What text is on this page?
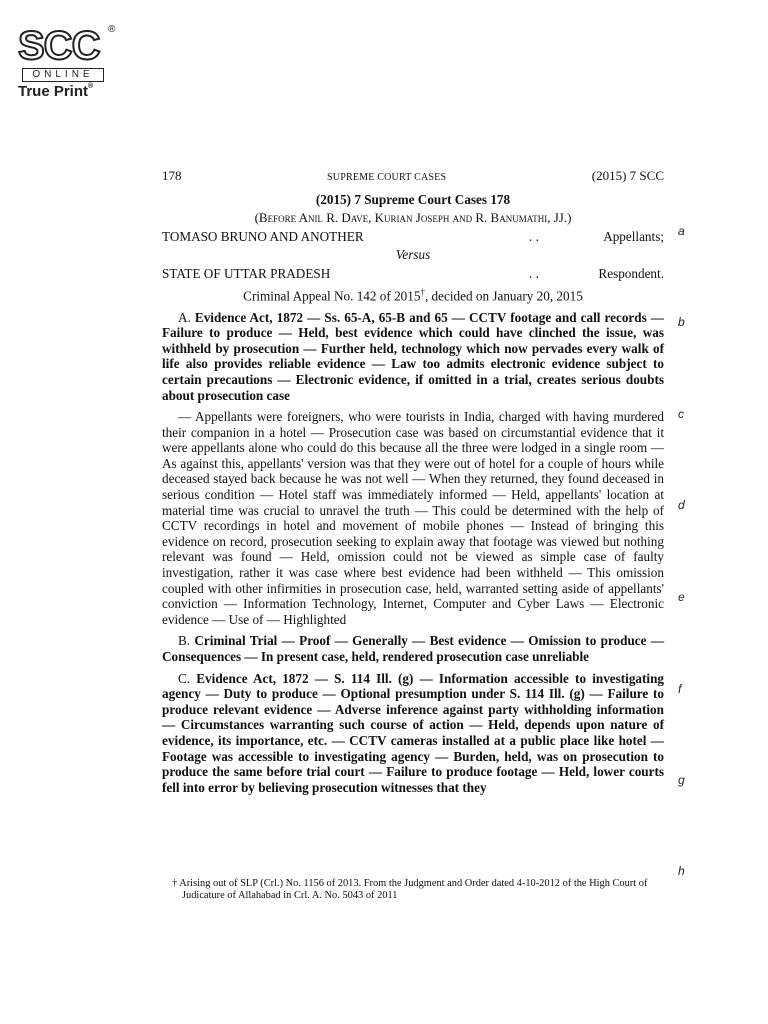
SCC ®
ONLINE
True Print®
178	SUPREME COURT CASES	(2015) 7 SCC
(2015) 7 Supreme Court Cases 178
(Before Anil R. Dave, Kurian Joseph and R. Banumathi, JJ.)
TOMASO BRUNO AND ANOTHER	. .	Appellants;
Versus
STATE OF UTTAR PRADESH	. .	Respondent.
Criminal Appeal No. 142 of 2015†, decided on January 20, 2015
A. Evidence Act, 1872 — Ss. 65-A, 65-B and 65 — CCTV footage and call records — Failure to produce — Held, best evidence which could have clinched the issue, was withheld by prosecution — Further held, technology which now pervades every walk of life also provides reliable evidence — Law too admits electronic evidence subject to certain precautions — Electronic evidence, if omitted in a trial, creates serious doubts about prosecution case
— Appellants were foreigners, who were tourists in India, charged with having murdered their companion in a hotel — Prosecution case was based on circumstantial evidence that it were appellants alone who could do this because all the three were lodged in a single room — As against this, appellants' version was that they were out of hotel for a couple of hours while deceased stayed back because he was not well — When they returned, they found deceased in serious condition — Hotel staff was immediately informed — Held, appellants' location at material time was crucial to unravel the truth — This could be determined with the help of CCTV recordings in hotel and movement of mobile phones — Instead of bringing this evidence on record, prosecution seeking to explain away that footage was viewed but nothing relevant was found — Held, omission could not be viewed as simple case of faulty investigation, rather it was case where best evidence had been withheld — This omission coupled with other infirmities in prosecution case, held, warranted setting aside of appellants' conviction — Information Technology, Internet, Computer and Cyber Laws — Electronic evidence — Use of — Highlighted
B. Criminal Trial — Proof — Generally — Best evidence — Omission to produce — Consequences — In present case, held, rendered prosecution case unreliable
C. Evidence Act, 1872 — S. 114 Ill. (g) — Information accessible to investigating agency — Duty to produce — Optional presumption under S. 114 Ill. (g) — Failure to produce relevant evidence — Adverse inference against party withholding information — Circumstances warranting such course of action — Held, depends upon nature of evidence, its importance, etc. — CCTV cameras installed at a public place like hotel — Footage was accessible to investigating agency — Burden, held, was on prosecution to produce the same before trial court — Failure to produce footage — Held, lower courts fell into error by believing prosecution witnesses that they
† Arising out of SLP (Crl.) No. 1156 of 2013. From the Judgment and Order dated 4-10-2012 of the High Court of Judicature of Allahabad in Crl. A. No. 5043 of 2011
a
b
c
d
e
f
g
h
